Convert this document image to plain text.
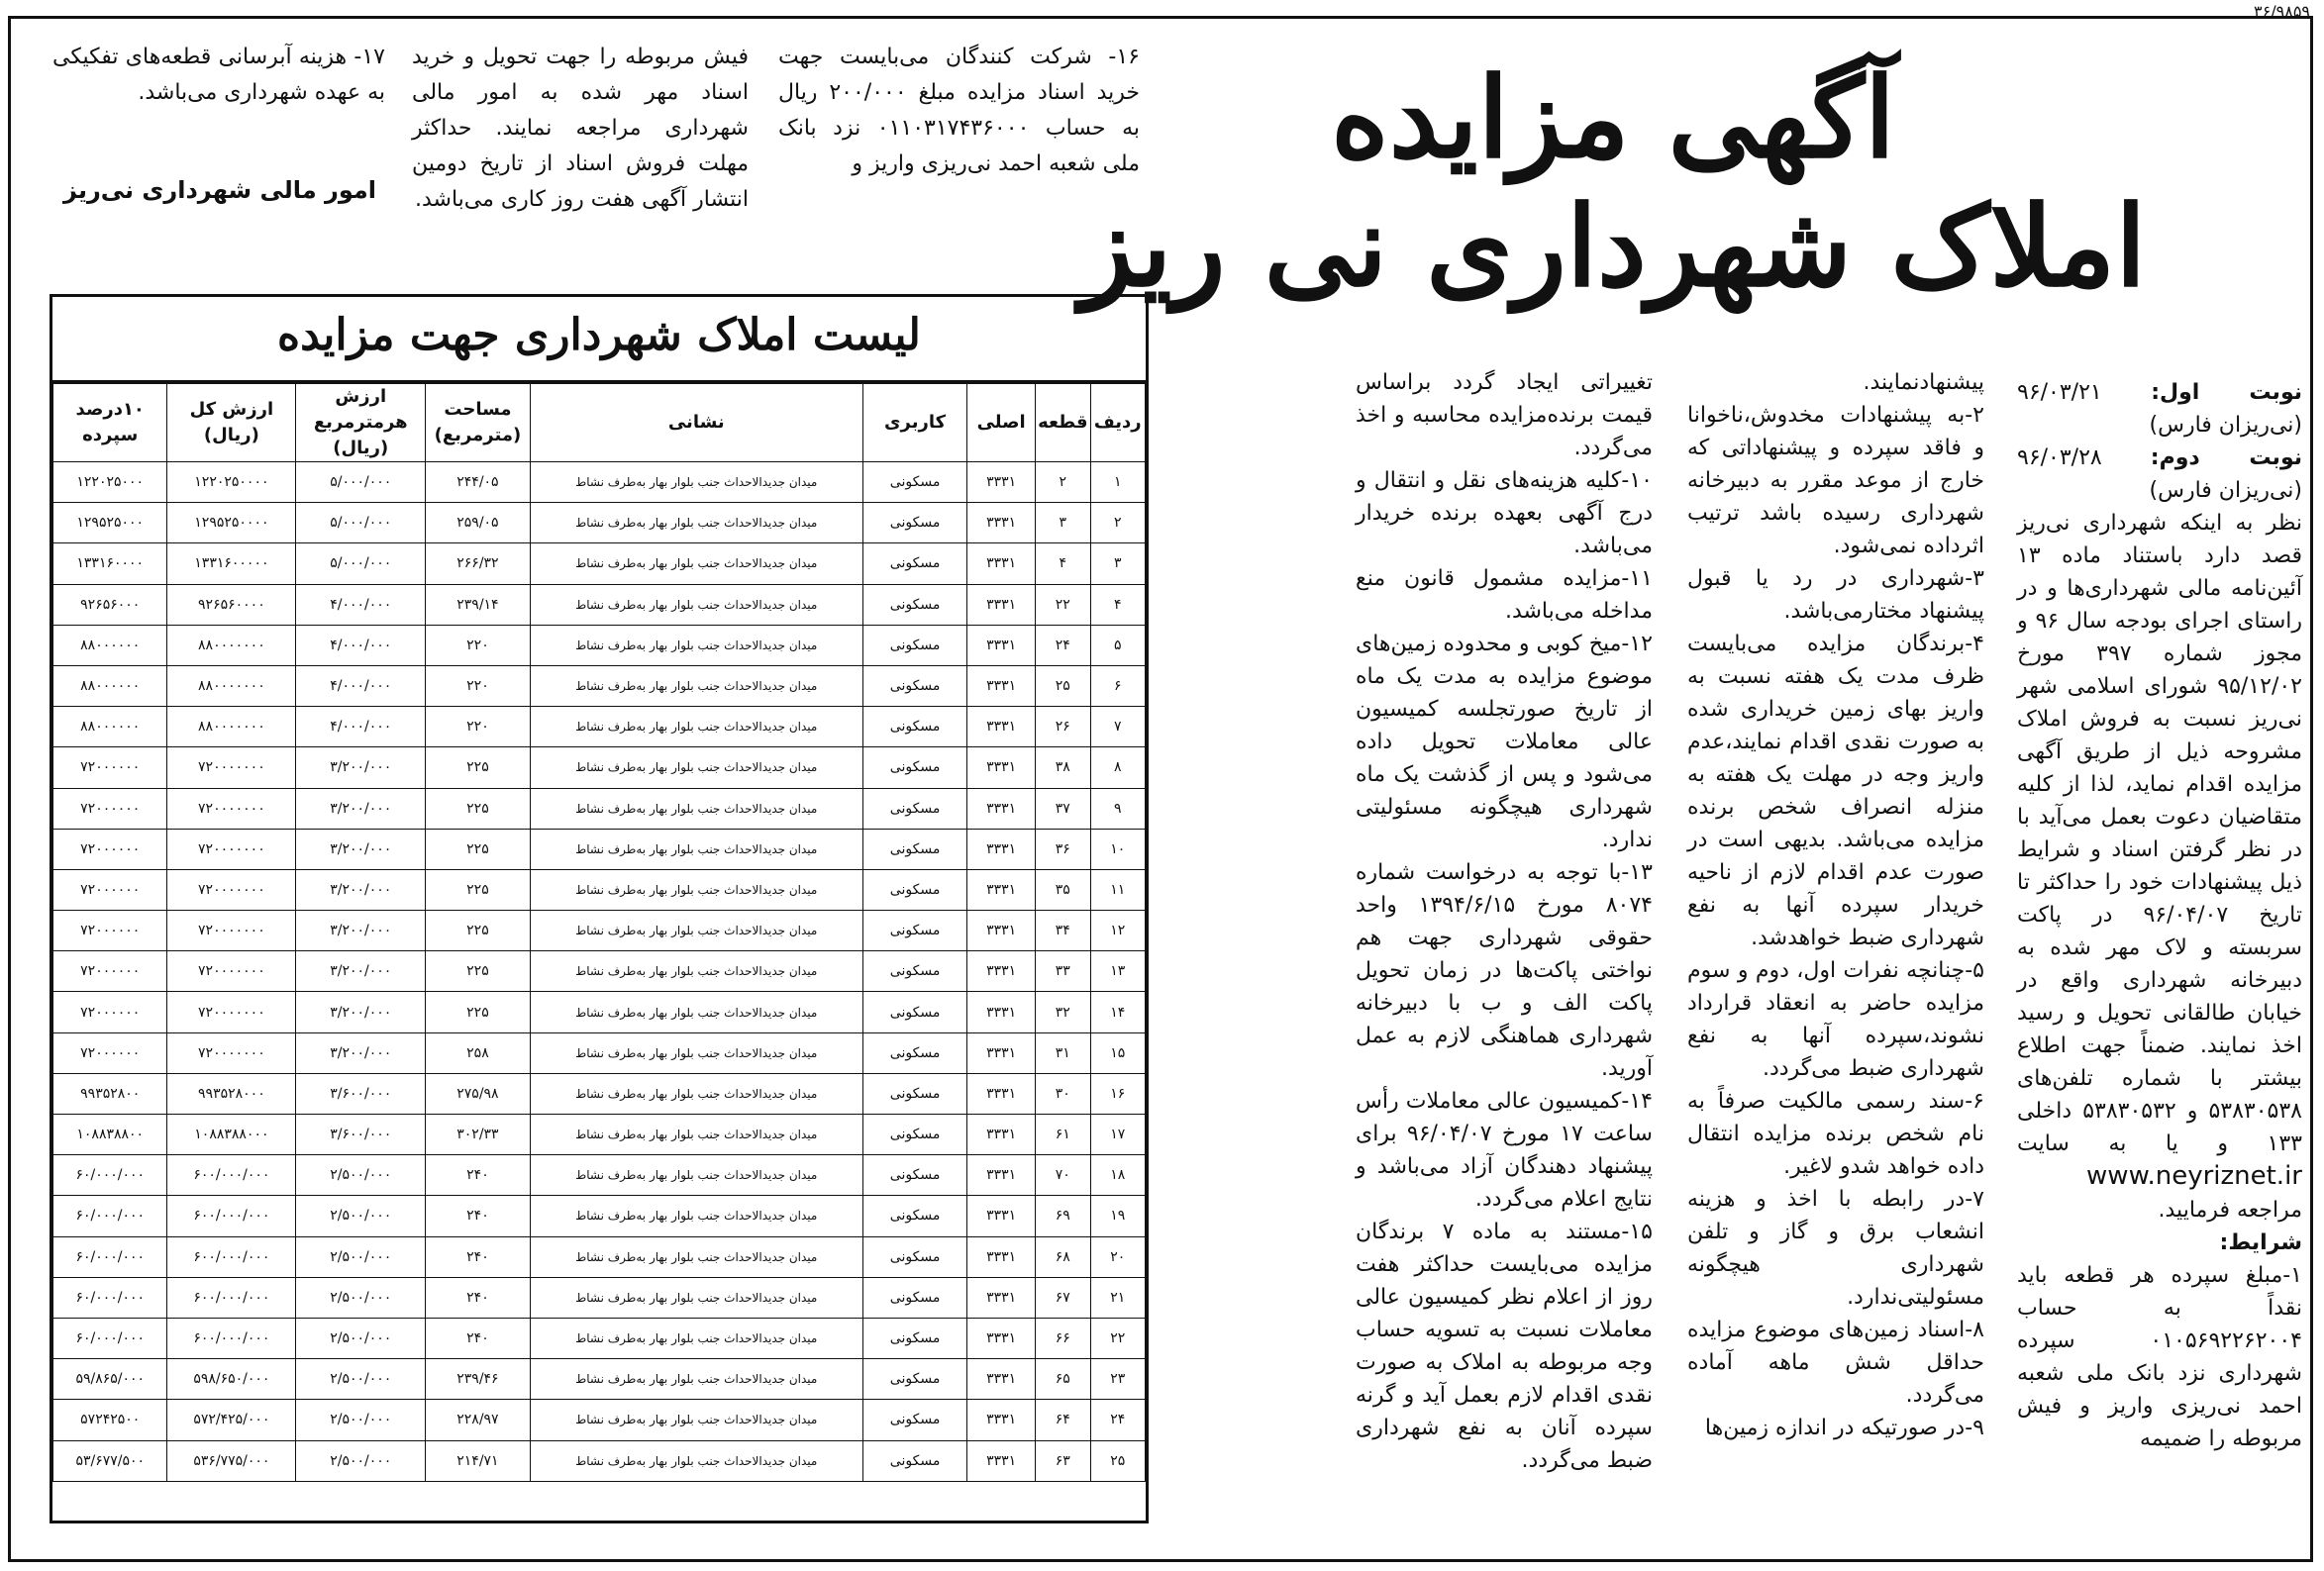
۳۶/۹۸۵۹
آگهی مزایده
املاک شهرداری نی ریز
۱۶- شرکت کنندگان می‌بایست جهت خرید اسناد مزایده مبلغ ۲۰۰/۰۰۰ ریال به حساب ۰۱۱۰۳۱۷۴۳۶۰۰۰ نزد بانک ملی شعبه احمد نی‌ریزی واریز و
فیش مربوطه را جهت تحویل و خرید اسناد مهر شده به امور مالی شهرداری مراجعه نمایند. حداکثر مهلت فروش اسناد از تاریخ دومین انتشار آگهی هفت روز کاری می‌باشد.
۱۷- هزینه آبرسانی قطعه‌های تفکیکی به عهده شهرداری می‌باشد.
امور مالی شهرداری نی‌ریز

نوبت اول: ۹۶/۰۳/۲۱ (نی‌ریزان فارس)

نوبت دوم: ۹۶/۰۳/۲۸ (نی‌ریزان فارس)

نظر به اینکه شهرداری نی‌ریز قصد دارد باستناد ماده ۱۳ آئین‌نامه مالی شهرداری‌ها و در راستای اجرای بودجه سال ۹۶ و مجوز شماره ۳۹۷ مورخ ۹۵/۱۲/۰۲ شورای اسلامی شهر نی‌ریز نسبت به فروش املاک مشروحه ذیل از طریق آگهی مزایده اقدام نماید، لذا از کلیه متقاضیان دعوت بعمل می‌آید با در نظر گرفتن اسناد و شرایط ذیل پیشنهادات خود را حداکثر تا تاریخ ۹۶/۰۴/۰۷ در پاکت سربسته و لاک مهر شده به دبیرخانه شهرداری واقع در خیابان طالقانی تحویل و رسید اخذ نمایند. ضمناً جهت اطلاع بیشتر با شماره تلفن‌های ۵۳۸۳۰۵۳۸ و ۵۳۸۳۰۵۳۲ داخلی ۱۳۳ و یا به سایت www.neyriznet.ir مراجعه فرمایید.

شرایط:

۱-مبلغ سپرده هر قطعه باید نقداً به حساب ۰۱۰۵۶۹۲۲۶۲۰۰۴ سپرده شهرداری نزد بانک ملی شعبه احمد نی‌ریزی واریز و فیش مربوطه را ضمیمه

پیشنهادنمایند.

۲-به پیشنهادات مخدوش،ناخوانا و فاقد سپرده و پیشنهاداتی که خارج از موعد مقرر به دبیرخانه شهرداری رسیده باشد ترتیب اثرداده نمی‌شود.

۳-شهرداری در رد یا قبول پیشنهاد مختارمی‌باشد.

۴-برندگان مزایده می‌بایست ظرف مدت یک هفته نسبت به واریز بهای زمین خریداری شده به صورت نقدی اقدام نمایند،عدم واریز وجه در مهلت یک هفته به منزله انصراف شخص برنده مزایده می‌باشد. بدیهی است در صورت عدم اقدام لازم از ناحیه خریدار سپرده آنها به نفع شهرداری ضبط خواهدشد.

۵-چنانچه نفرات اول، دوم و سوم مزایده حاضر به انعقاد قرارداد نشوند،سپرده آنها به نفع شهرداری ضبط می‌گردد.

۶-سند رسمی مالکیت صرفاً به نام شخص برنده مزایده انتقال داده خواهد شدو لاغیر.

۷-در رابطه با اخذ و هزینه انشعاب برق و گاز و تلفن شهرداری هیچگونه مسئولیتی‌ندارد.

۸-اسناد زمین‌های موضوع مزایده حداقل شش ماهه آماده می‌گردد.

۹-در صورتیکه در اندازه زمین‌ها

تغییراتی ایجاد گردد براساس قیمت برنده‌مزایده محاسبه و اخذ می‌گردد.

۱۰-کلیه هزینه‌های نقل و انتقال و درج آگهی بعهده برنده خریدار می‌باشد.

۱۱-مزایده مشمول قانون منع مداخله می‌باشد.

۱۲-میخ کوبی و محدوده زمین‌های موضوع مزایده به مدت یک ماه از تاریخ صورتجلسه کمیسیون عالی معاملات تحویل داده می‌شود و پس از گذشت یک ماه شهرداری هیچگونه مسئولیتی ندارد.

۱۳-با توجه به درخواست شماره ۸۰۷۴ مورخ ۱۳۹۴/۶/۱۵ واحد حقوقی شهرداری جهت هم نواختی پاکت‌ها در زمان تحویل پاکت الف و ب با دبیرخانه شهرداری هماهنگی لازم به عمل آورید.

۱۴-کمیسیون عالی معاملات رأس ساعت ۱۷ مورخ ۹۶/۰۴/۰۷ برای پیشنهاد دهندگان آزاد می‌باشد و نتایج اعلام می‌گردد.

۱۵-مستند به ماده ۷ برندگان مزایده می‌بایست حداکثر هفت روز از اعلام نظر کمیسیون عالی معاملات نسبت به تسویه حساب وجه مربوطه به املاک به صورت نقدی اقدام لازم بعمل آید و گرنه سپرده آنان به نفع شهرداری ضبط می‌گردد.

لیست املاک شهرداری جهت مزایده
ردیف	قطعه	اصلی	کاربری	نشانی	مساحت (مترمربع)	ارزش هرمترمربع (ریال)	ارزش کل (ریال)	۱۰درصد سپرده
۱	۲	۳۳۳۱	مسکونی	میدان جدیدالاحداث جنب بلوار بهار به‌طرف نشاط	۲۴۴/۰۵	۵/۰۰۰/۰۰۰	۱۲۲۰۲۵۰۰۰۰	۱۲۲۰۲۵۰۰۰
۲	۳	۳۳۳۱	مسکونی	میدان جدیدالاحداث جنب بلوار بهار به‌طرف نشاط	۲۵۹/۰۵	۵/۰۰۰/۰۰۰	۱۲۹۵۲۵۰۰۰۰	۱۲۹۵۲۵۰۰۰
۳	۴	۳۳۳۱	مسکونی	میدان جدیدالاحداث جنب بلوار بهار به‌طرف نشاط	۲۶۶/۳۲	۵/۰۰۰/۰۰۰	۱۳۳۱۶۰۰۰۰۰	۱۳۳۱۶۰۰۰۰
۴	۲۲	۳۳۳۱	مسکونی	میدان جدیدالاحداث جنب بلوار بهار به‌طرف نشاط	۲۳۹/۱۴	۴/۰۰۰/۰۰۰	۹۲۶۵۶۰۰۰۰	۹۲۶۵۶۰۰۰
۵	۲۴	۳۳۳۱	مسکونی	میدان جدیدالاحداث جنب بلوار بهار به‌طرف نشاط	۲۲۰	۴/۰۰۰/۰۰۰	۸۸۰۰۰۰۰۰۰	۸۸۰۰۰۰۰۰
۶	۲۵	۳۳۳۱	مسکونی	میدان جدیدالاحداث جنب بلوار بهار به‌طرف نشاط	۲۲۰	۴/۰۰۰/۰۰۰	۸۸۰۰۰۰۰۰۰	۸۸۰۰۰۰۰۰
۷	۲۶	۳۳۳۱	مسکونی	میدان جدیدالاحداث جنب بلوار بهار به‌طرف نشاط	۲۲۰	۴/۰۰۰/۰۰۰	۸۸۰۰۰۰۰۰۰	۸۸۰۰۰۰۰۰
۸	۳۸	۳۳۳۱	مسکونی	میدان جدیدالاحداث جنب بلوار بهار به‌طرف نشاط	۲۲۵	۳/۲۰۰/۰۰۰	۷۲۰۰۰۰۰۰۰	۷۲۰۰۰۰۰۰
۹	۳۷	۳۳۳۱	مسکونی	میدان جدیدالاحداث جنب بلوار بهار به‌طرف نشاط	۲۲۵	۳/۲۰۰/۰۰۰	۷۲۰۰۰۰۰۰۰	۷۲۰۰۰۰۰۰
۱۰	۳۶	۳۳۳۱	مسکونی	میدان جدیدالاحداث جنب بلوار بهار به‌طرف نشاط	۲۲۵	۳/۲۰۰/۰۰۰	۷۲۰۰۰۰۰۰۰	۷۲۰۰۰۰۰۰
۱۱	۳۵	۳۳۳۱	مسکونی	میدان جدیدالاحداث جنب بلوار بهار به‌طرف نشاط	۲۲۵	۳/۲۰۰/۰۰۰	۷۲۰۰۰۰۰۰۰	۷۲۰۰۰۰۰۰
۱۲	۳۴	۳۳۳۱	مسکونی	میدان جدیدالاحداث جنب بلوار بهار به‌طرف نشاط	۲۲۵	۳/۲۰۰/۰۰۰	۷۲۰۰۰۰۰۰۰	۷۲۰۰۰۰۰۰
۱۳	۳۳	۳۳۳۱	مسکونی	میدان جدیدالاحداث جنب بلوار بهار به‌طرف نشاط	۲۲۵	۳/۲۰۰/۰۰۰	۷۲۰۰۰۰۰۰۰	۷۲۰۰۰۰۰۰
۱۴	۳۲	۳۳۳۱	مسکونی	میدان جدیدالاحداث جنب بلوار بهار به‌طرف نشاط	۲۲۵	۳/۲۰۰/۰۰۰	۷۲۰۰۰۰۰۰۰	۷۲۰۰۰۰۰۰
۱۵	۳۱	۳۳۳۱	مسکونی	میدان جدیدالاحداث جنب بلوار بهار به‌طرف نشاط	۲۵۸	۳/۲۰۰/۰۰۰	۷۲۰۰۰۰۰۰۰	۷۲۰۰۰۰۰۰
۱۶	۳۰	۳۳۳۱	مسکونی	میدان جدیدالاحداث جنب بلوار بهار به‌طرف نشاط	۲۷۵/۹۸	۳/۶۰۰/۰۰۰	۹۹۳۵۲۸۰۰۰	۹۹۳۵۲۸۰۰
۱۷	۶۱	۳۳۳۱	مسکونی	میدان جدیدالاحداث جنب بلوار بهار به‌طرف نشاط	۳۰۲/۳۳	۳/۶۰۰/۰۰۰	۱۰۸۸۳۸۸۰۰۰	۱۰۸۸۳۸۸۰۰
۱۸	۷۰	۳۳۳۱	مسکونی	میدان جدیدالاحداث جنب بلوار بهار به‌طرف نشاط	۲۴۰	۲/۵۰۰/۰۰۰	۶۰۰/۰۰۰/۰۰۰	۶۰/۰۰۰/۰۰۰
۱۹	۶۹	۳۳۳۱	مسکونی	میدان جدیدالاحداث جنب بلوار بهار به‌طرف نشاط	۲۴۰	۲/۵۰۰/۰۰۰	۶۰۰/۰۰۰/۰۰۰	۶۰/۰۰۰/۰۰۰
۲۰	۶۸	۳۳۳۱	مسکونی	میدان جدیدالاحداث جنب بلوار بهار به‌طرف نشاط	۲۴۰	۲/۵۰۰/۰۰۰	۶۰۰/۰۰۰/۰۰۰	۶۰/۰۰۰/۰۰۰
۲۱	۶۷	۳۳۳۱	مسکونی	میدان جدیدالاحداث جنب بلوار بهار به‌طرف نشاط	۲۴۰	۲/۵۰۰/۰۰۰	۶۰۰/۰۰۰/۰۰۰	۶۰/۰۰۰/۰۰۰
۲۲	۶۶	۳۳۳۱	مسکونی	میدان جدیدالاحداث جنب بلوار بهار به‌طرف نشاط	۲۴۰	۲/۵۰۰/۰۰۰	۶۰۰/۰۰۰/۰۰۰	۶۰/۰۰۰/۰۰۰
۲۳	۶۵	۳۳۳۱	مسکونی	میدان جدیدالاحداث جنب بلوار بهار به‌طرف نشاط	۲۳۹/۴۶	۲/۵۰۰/۰۰۰	۵۹۸/۶۵۰/۰۰۰	۵۹/۸۶۵/۰۰۰
۲۴	۶۴	۳۳۳۱	مسکونی	میدان جدیدالاحداث جنب بلوار بهار به‌طرف نشاط	۲۲۸/۹۷	۲/۵۰۰/۰۰۰	۵۷۲/۴۲۵/۰۰۰	۵۷۲۴۲۵۰۰
۲۵	۶۳	۳۳۳۱	مسکونی	میدان جدیدالاحداث جنب بلوار بهار به‌طرف نشاط	۲۱۴/۷۱	۲/۵۰۰/۰۰۰	۵۳۶/۷۷۵/۰۰۰	۵۳/۶۷۷/۵۰۰
